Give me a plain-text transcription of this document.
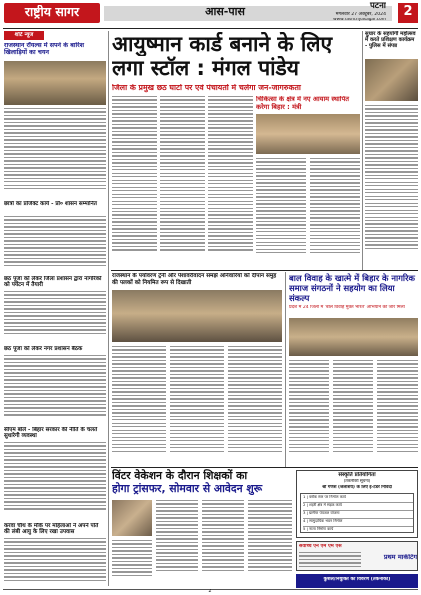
राष्ट्रीय सागर	आस-पास	पटना
मंगलवार 27 अक्टूबर, 2024
www.rashtriyasagar.com
2
शॉर्ट न्यूज
राजस्थान रॉयल्स में सपने के बारिश खिलाड़ियों का चयन
छात्रों का प्रोजेक्ट कार्य - प्रो० शासन सम्मानित
छठ पूजा को लेकर जिला प्रशासन द्वारा नागरिकों को पर्यटन में तैयारी
छठ पूजा को लेकर नगर प्रशासन बैठक
सीएम बोले - बिहार सरकार की नीति के चलते सुधारेगी व्यवस्था
करवा चौथ के मौके पर महिलाओं ने अपने पति की लंबी आयु के लिए रखा उपवास
आयुष्मान कार्ड बनाने के लिए
लगा स्टॉल : मंगल पांडेय
जिला के प्रमुख छठ घाटों पर एवं पंचायतों में चलेगा जन-जागरुकता
सुधार के सहयोगी महोत्सव में करते प्रशिक्षण कार्यक्रम - पुलिस में संपन्न
चिकित्सा के क्षेत्र में नए आयाम स्थापित करेगा बिहार : मंत्री
राजस्थान के पर्यावरण ट्रेनी और पेशावरीवादन समझें अनिवारियों को दीपान समुह की पलकों को नियमित रूप से दिखाती	बाल विवाह के खात्मे में बिहार के नागरिक समाज संगठनों ने सहयोग का लिया संकल्प
प्रदेश में 24 जिलों में 'बाल विवाह मुक्त भारत' अभियान को जोर मिला
विंटर वेकेशन के दौरान शिक्षकों का
होगा ट्रांसफर, सोमवार से आवेदन शुरू
संस्कृति प्रतियोगिता
(तकनीकी सूचना)
श्री गणेश (जलाशय) के लिए ई-टेंडर निविदा
1 | ब्लॉक स्तर पर निर्माण कार्य
2 | शहरी क्षेत्र में सड़क कार्य
3 | ग्रामीण पेयजल योजना
4 | सामुदायिक भवन निर्माण
5 | नाला निर्माण कार्य
सर्वोच्च एन एम एम एस
प्रथम मार्केटिंग
कुशल/नियुक्ति का विवरण (तकनीकी)
2
